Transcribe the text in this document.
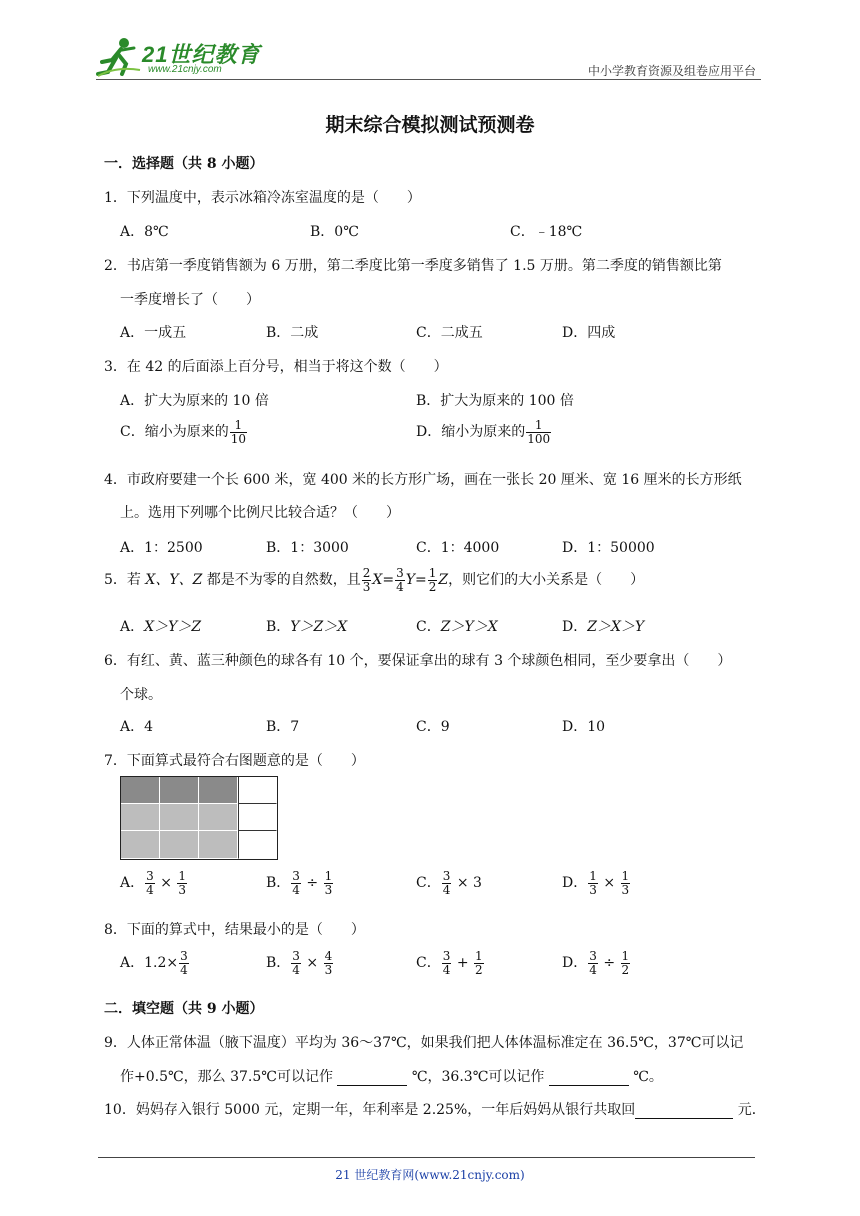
21世纪教育
www.21cnjy.com	中小学教育资源及组卷应用平台
期末综合模拟测试预测卷
一．选择题（共 8 小题）
1．下列温度中，表示冰箱冷冻室温度的是（　　）
A．8℃	B．0℃	C．﹣18℃
2．书店第一季度销售额为 6 万册，第二季度比第一季度多销售了 1.5 万册。第二季度的销售额比第
一季度增长了（　　）
A．一成五	B．二成	C．二成五	D．四成
3．在 42 的后面添上百分号，相当于将这个数（　　）
A．扩大为原来的 10 倍	B．扩大为原来的 100 倍
C．缩小为原来的 $\frac{1}{10}$	D．缩小为原来的 $\frac{1}{100}$
4．市政府要建一个长 600 米，宽 400 米的长方形广场，画在一张长 20 厘米、宽 16 厘米的长方形纸
上。选用下列哪个比例尺比较合适？（　　）
A．1：2500	B．1：3000	C．1：4000	D．1：50000
5．若 X、Y、Z 都是不为零的自然数，且 $\frac{2}{3} X= \frac{3}{4} Y= \frac{1}{2}$ Z，则它们的大小关系是（　　）
A．X＞Y＞Z	B．Y＞Z＞X	C．Z＞Y＞X	D．Z＞X＞Y
6．有红、黄、蓝三种颜色的球各有 10 个，要保证拿出的球有 3 个球颜色相同，至少要拿出（　　）
个球。
A．4	B．7	C．9	D．10
7．下面算式最符合右图题意的是（　　）
A． $\frac{3}{4} \times \frac{1}{3}$	B． $\frac{3}{4} \div \frac{1}{3}$	C． $\frac{3}{4} \times 3$	D． $\frac{1}{3} \times \frac{1}{3}$
8．下面的算式中，结果最小的是（　　）
A．$1.2\times \frac{3}{4}$	B． $\frac{3}{4} \times \frac{4}{3}$	C． $\frac{3}{4} + \frac{1}{2}$	D． $\frac{3}{4} \div \frac{1}{2}$
二．填空题（共 9 小题）
9．人体正常体温（腋下温度）平均为 36～37℃，如果我们把人体体温标准定在 36.5℃，37℃可以记
作+0.5℃，那么 37.5℃可以记作	℃，36.3℃可以记作	℃。
10．妈妈存入银行 5000 元，定期一年，年利率是 2.25%，一年后妈妈从银行共取回	元．
21 世纪教育网(www.21cnjy.com)
